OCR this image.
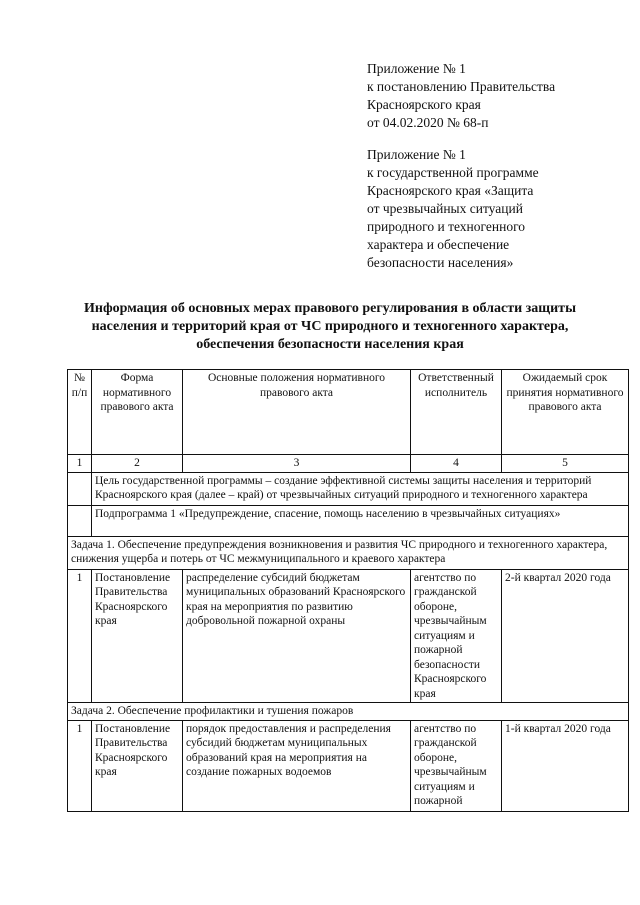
Приложение № 1
к постановлению Правительства
Красноярского края
от 04.02.2020 № 68-п
Приложение № 1
к государственной программе
Красноярского края «Защита
от чрезвычайных ситуаций
природного и техногенного
характера и обеспечение
безопасности населения»
Информация об основных мерах правового регулирования в области защиты
населения и территорий края от ЧС природного и техногенного характера,
обеспечения безопасности населения края
№ п/п	Форма нормативного правового акта	Основные положения нормативного правового акта	Ответственный исполнитель	Ожидаемый срок принятия нормативного правового акта
1	2	3	4	5
	Цель государственной программы – создание эффективной системы защиты населения и территорий Красноярского края (далее – край) от чрезвычайных ситуаций природного и техногенного характера			
	Подпрограмма 1 «Предупреждение, спасение, помощь населению в чрезвычайных ситуациях»			
Задача 1. Обеспечение предупреждения возникновения и развития ЧС природного и техногенного характера, снижения ущерба и потерь от ЧС межмуниципального и краевого характера				
1	Постановление Правительства Красноярского края	распределение субсидий бюджетам муниципальных образований Красноярского края на мероприятия по развитию добровольной пожарной охраны	агентство по гражданской обороне, чрезвычайным ситуациям и пожарной безопасности Красноярского края	2-й квартал 2020 года
Задача 2. Обеспечение профилактики и тушения пожаров				
1	Постановление Правительства Красноярского края	порядок предоставления и распределения субсидий бюджетам муниципальных образований края на мероприятия на создание пожарных водоемов	агентство по гражданской обороне, чрезвычайным ситуациям и пожарной	1-й квартал 2020 года
